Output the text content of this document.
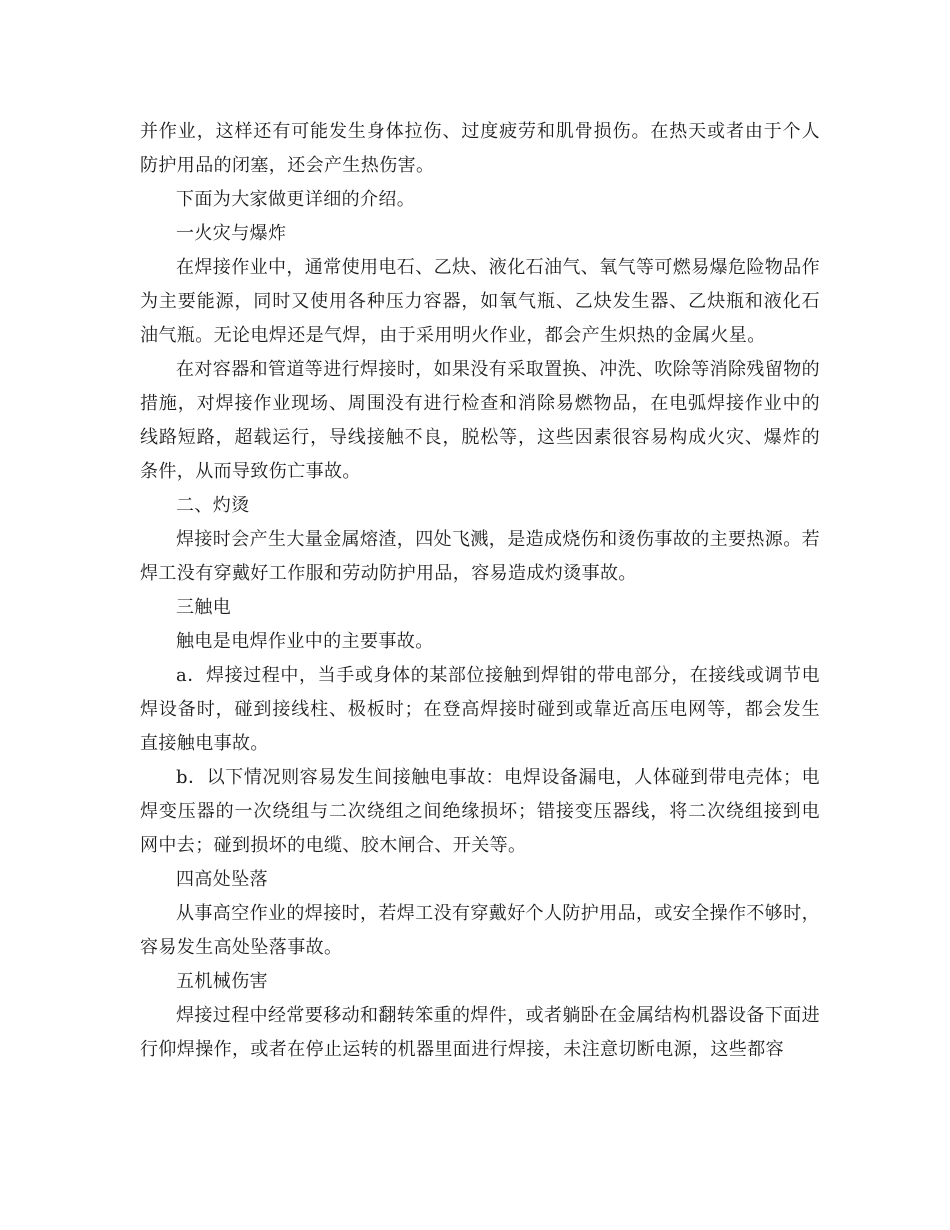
并作业，这样还有可能发生身体拉伤、过度疲劳和肌骨损伤。在热天或者由于个人防护用品的闭塞，还会产生热伤害。

下面为大家做更详细的介绍。

一火灾与爆炸

在焊接作业中，通常使用电石、乙炔、液化石油气、氧气等可燃易爆危险物品作为主要能源，同时又使用各种压力容器，如氧气瓶、乙炔发生器、乙炔瓶和液化石油气瓶。无论电焊还是气焊，由于采用明火作业，都会产生炽热的金属火星。

在对容器和管道等进行焊接时，如果没有采取置换、冲洗、吹除等消除残留物的措施，对焊接作业现场、周围没有进行检查和消除易燃物品，在电弧焊接作业中的线路短路，超载运行，导线接触不良，脱松等，这些因素很容易构成火灾、爆炸的条件，从而导致伤亡事故。

二、灼烫

焊接时会产生大量金属熔渣，四处飞溅，是造成烧伤和烫伤事故的主要热源。若焊工没有穿戴好工作服和劳动防护用品，容易造成灼烫事故。

三触电

触电是电焊作业中的主要事故。

a．焊接过程中，当手或身体的某部位接触到焊钳的带电部分，在接线或调节电焊设备时，碰到接线柱、极板时；在登高焊接时碰到或靠近高压电网等，都会发生直接触电事故。

b．以下情况则容易发生间接触电事故：电焊设备漏电，人体碰到带电壳体；电焊变压器的一次绕组与二次绕组之间绝缘损坏；错接变压器线，将二次绕组接到电网中去；碰到损坏的电缆、胶木闸合、开关等。

四高处坠落

从事高空作业的焊接时，若焊工没有穿戴好个人防护用品，或安全操作不够时，容易发生高处坠落事故。

五机械伤害

焊接过程中经常要移动和翻转笨重的焊件，或者躺卧在金属结构机器设备下面进行仰焊操作，或者在停止运转的机器里面进行焊接，未注意切断电源，这些都容
